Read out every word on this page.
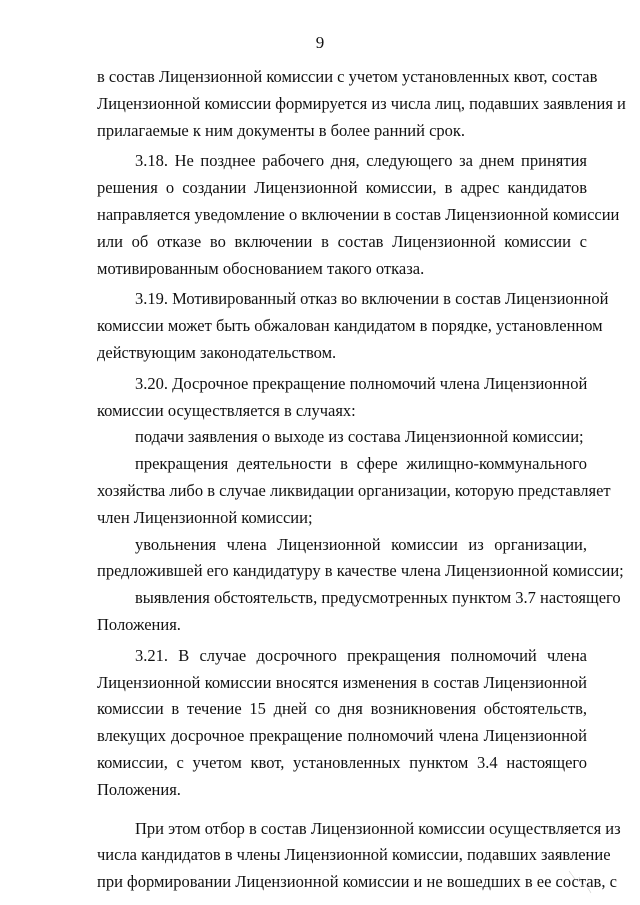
9

в состав Лицензионной комиссии с учетом установленных квот, состав
Лицензионной комиссии формируется из числа лиц, подавших заявления и
прилагаемые к ним документы в более ранний срок.

3.18. Не позднее рабочего дня, следующего за днем принятия
решения о создании Лицензионной комиссии, в адрес кандидатов
направляется уведомление о включении в состав Лицензионной комиссии
или об отказе во включении в состав Лицензионной комиссии с
мотивированным обоснованием такого отказа.

3.19. Мотивированный отказ во включении в состав Лицензионной
комиссии может быть обжалован кандидатом в порядке, установленном
действующим законодательством.

3.20. Досрочное прекращение полномочий члена Лицензионной
комиссии осуществляется в случаях:

подачи заявления о выходе из состава Лицензионной комиссии;

прекращения деятельности в сфере жилищно-коммунального
хозяйства либо в случае ликвидации организации, которую представляет
член Лицензионной комиссии;

увольнения члена Лицензионной комиссии из организации,
предложившей его кандидатуру в качестве члена Лицензионной комиссии;

выявления обстоятельств, предусмотренных пунктом 3.7 настоящего
Положения.

3.21. В случае досрочного прекращения полномочий члена
Лицензионной комиссии вносятся изменения в состав Лицензионной
комиссии в течение 15 дней со дня возникновения обстоятельств,
влекущих досрочное прекращение полномочий члена Лицензионной
комиссии, с учетом квот, установленных пунктом 3.4 настоящего
Положения.

При этом отбор в состав Лицензионной комиссии осуществляется из
числа кандидатов в члены Лицензионной комиссии, подавших заявление
при формировании Лицензионной комиссии и не вошедших в ее состав, с
